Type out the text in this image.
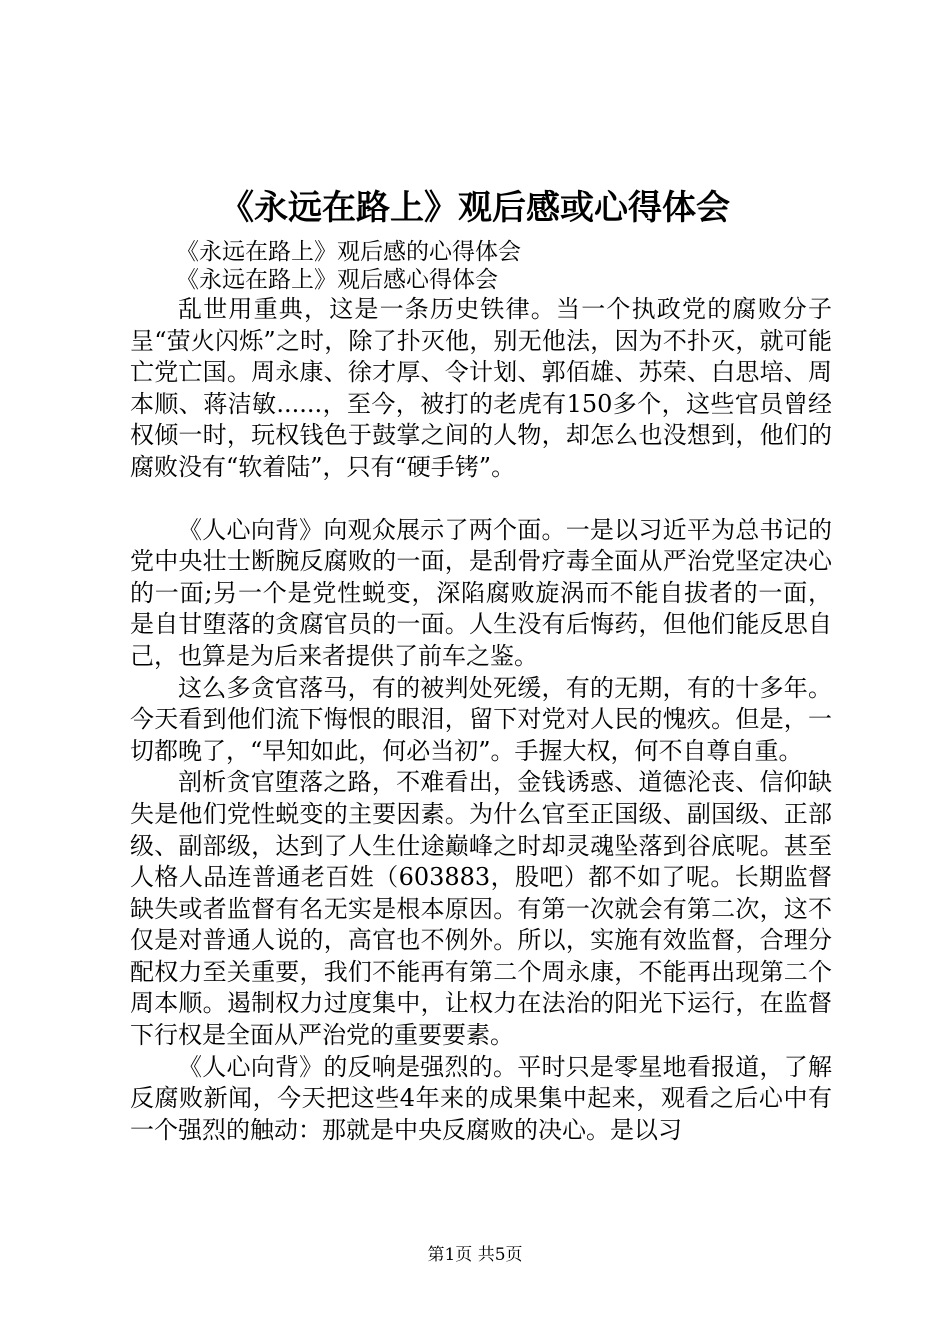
《永远在路上》观后感或心得体会

《永远在路上》观后感的心得体会

《永远在路上》观后感心得体会

乱世用重典，这是一条历史铁律。当一个执政党的腐败分子呈“萤火闪烁”之时，除了扑灭他，别无他法，因为不扑灭，就可能亡党亡国。周永康、徐才厚、令计划、郭佰雄、苏荣、白思培、周本顺、蒋洁敏......，至今，被打的老虎有150多个，这些官员曾经权倾一时，玩权钱色于鼓掌之间的人物，却怎么也没想到，他们的腐败没有“软着陆”，只有“硬手铐”。

《人心向背》向观众展示了两个面。一是以习近平为总书记的党中央壮士断腕反腐败的一面，是刮骨疗毒全面从严治党坚定决心的一面;另一个是党性蜕变，深陷腐败旋涡而不能自拔者的一面，是自甘堕落的贪腐官员的一面。人生没有后悔药，但他们能反思自己，也算是为后来者提供了前车之鉴。

这么多贪官落马，有的被判处死缓，有的无期，有的十多年。今天看到他们流下悔恨的眼泪，留下对党对人民的愧疚。但是，一切都晚了，“早知如此，何必当初”。手握大权，何不自尊自重。

剖析贪官堕落之路，不难看出，金钱诱惑、道德沦丧、信仰缺失是他们党性蜕变的主要因素。为什么官至正国级、副国级、正部级、副部级，达到了人生仕途巅峰之时却灵魂坠落到谷底呢。甚至人格人品连普通老百姓（603883，股吧）都不如了呢。长期监督缺失或者监督有名无实是根本原因。有第一次就会有第二次，这不仅是对普通人说的，高官也不例外。所以，实施有效监督，合理分配权力至关重要，我们不能再有第二个周永康，不能再出现第二个周本顺。遏制权力过度集中，让权力在法治的阳光下运行，在监督下行权是全面从严治党的重要要素。

《人心向背》的反响是强烈的。平时只是零星地看报道，了解反腐败新闻，今天把这些4年来的成果集中起来，观看之后心中有一个强烈的触动：那就是中央反腐败的决心。是以习

第1页 共5页
